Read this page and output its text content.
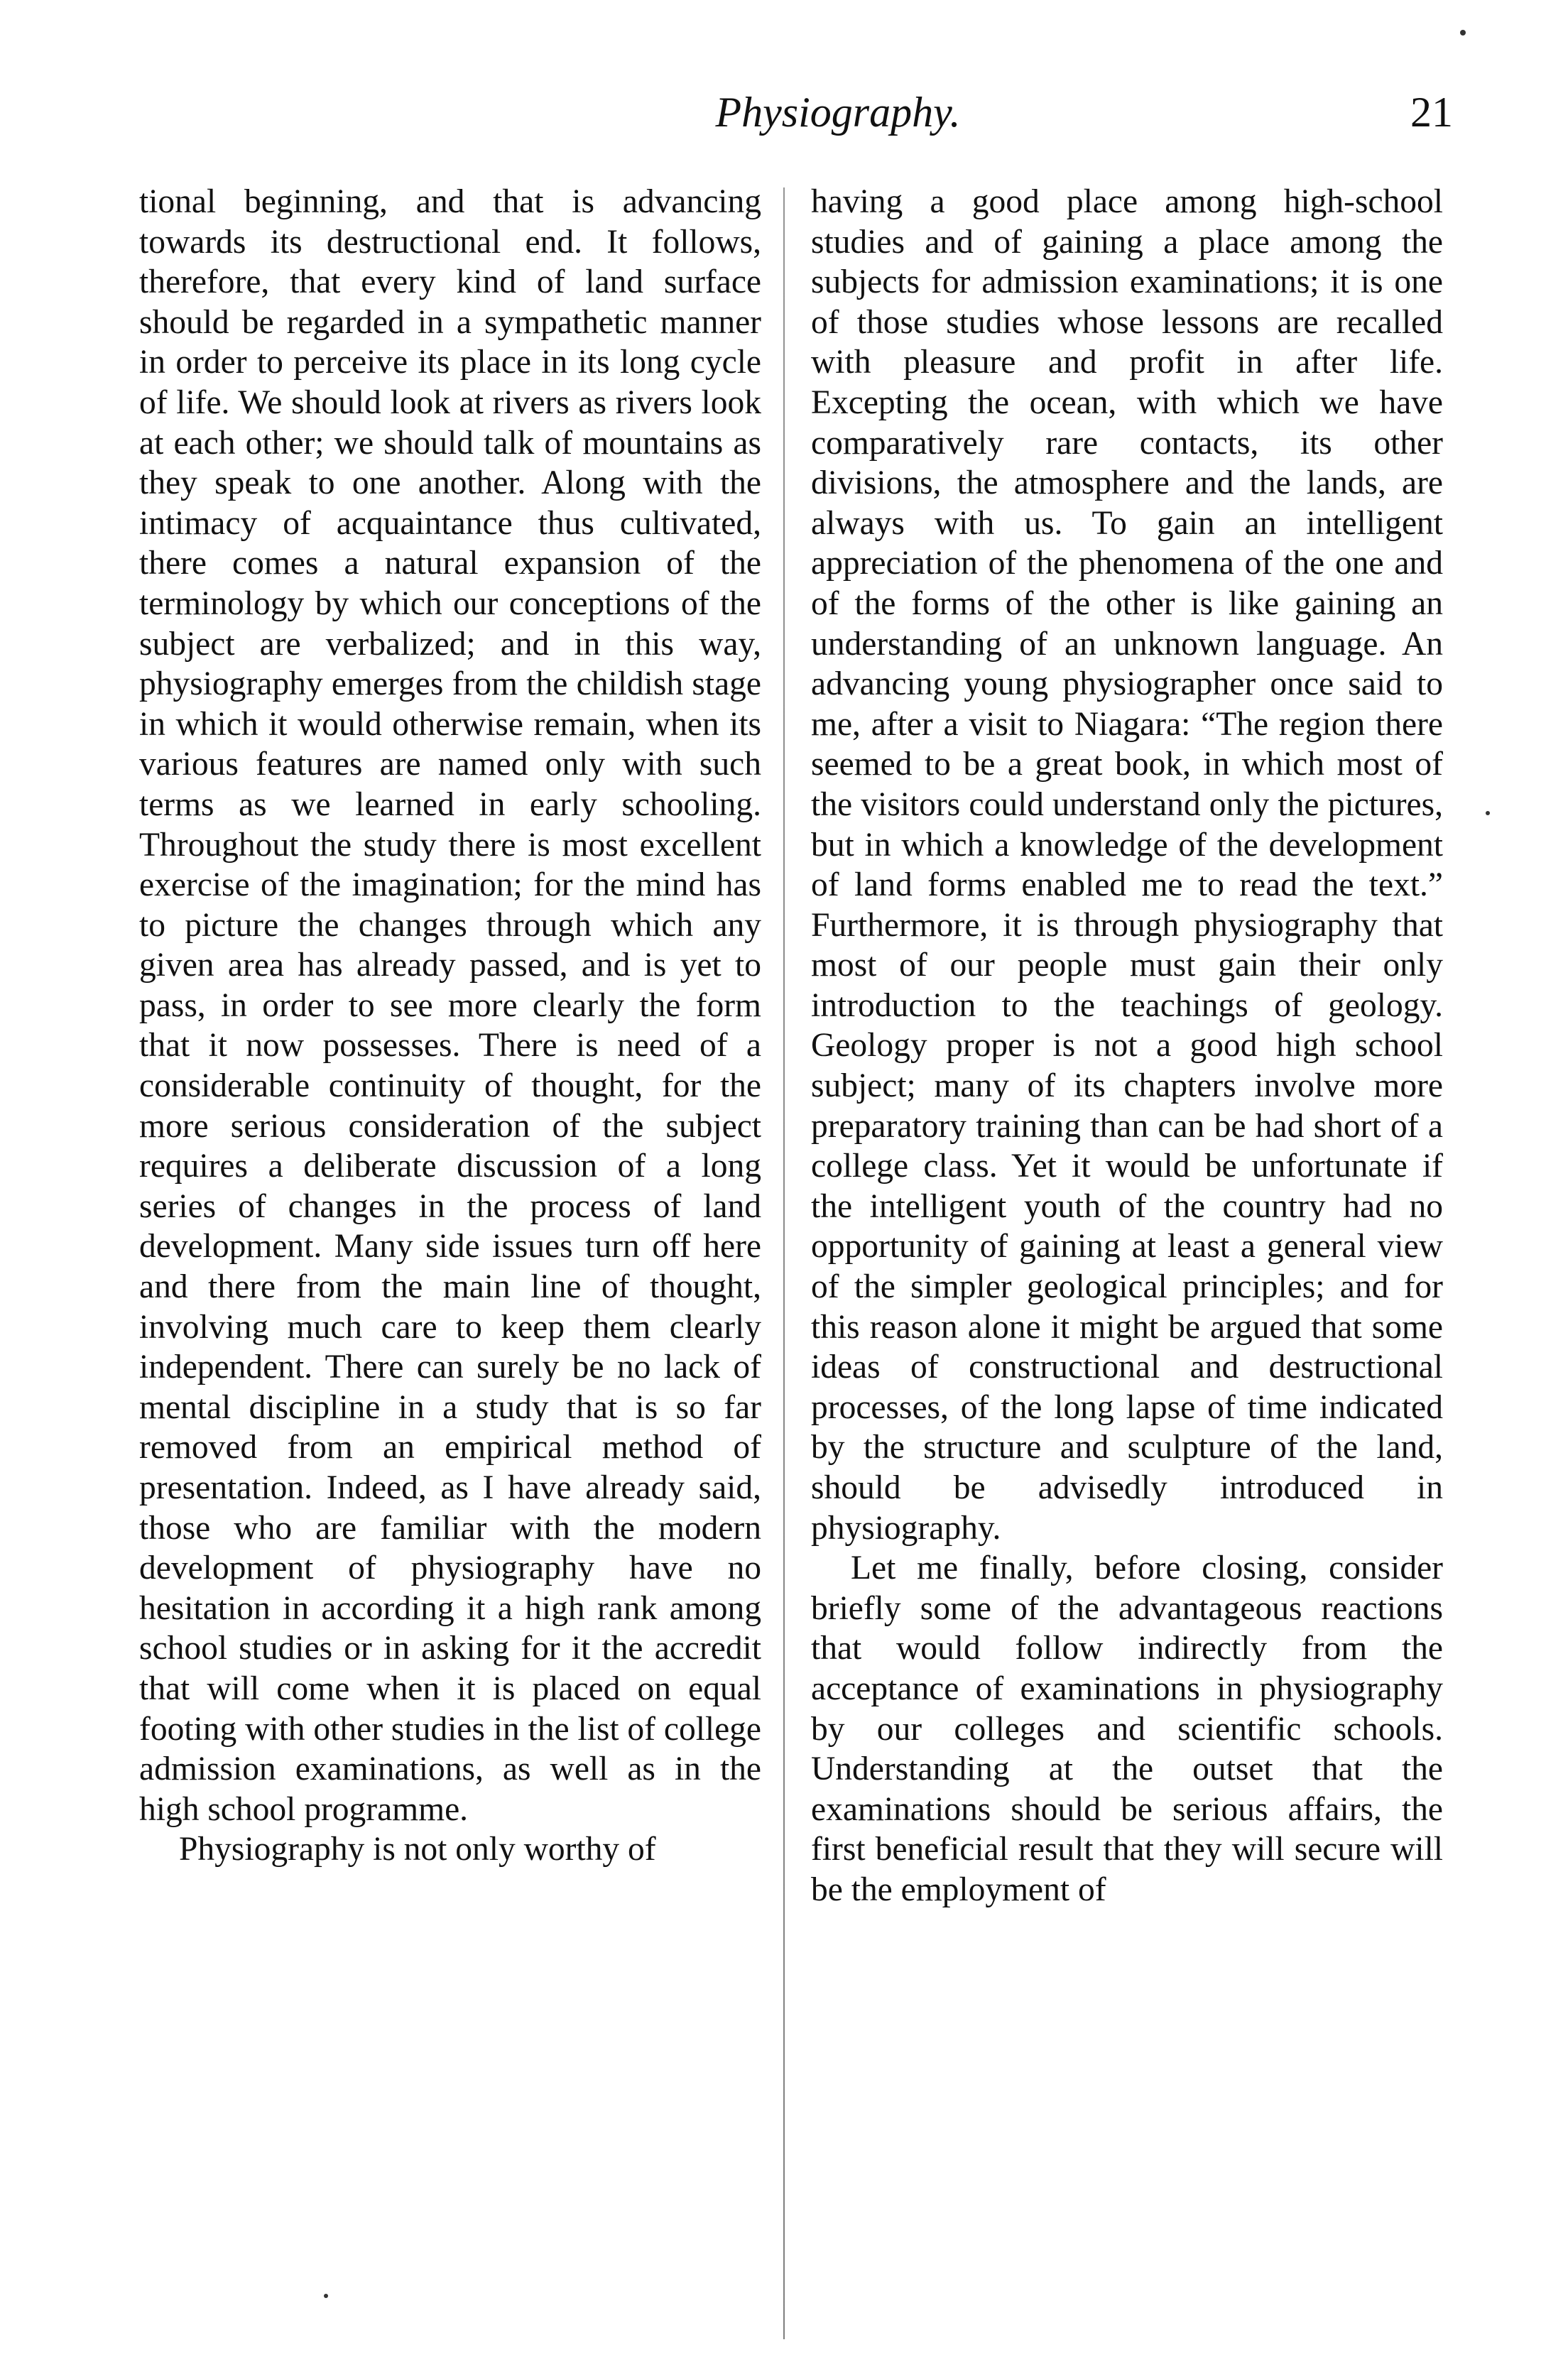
Physiography.	21

tional beginning, and that is advancing towards its destructional end. It follows, therefore, that every kind of land surface should be regarded in a sympathetic manner in order to perceive its place in its long cycle of life. We should look at rivers as rivers look at each other; we should talk of mountains as they speak to one another. Along with the intimacy of acquaintance thus cultivated, there comes a natural expansion of the terminology by which our conceptions of the subject are verbalized; and in this way, physiography emerges from the childish stage in which it would otherwise remain, when its various features are named only with such terms as we learned in early schooling. Throughout the study there is most excellent exercise of the imagination; for the mind has to picture the changes through which any given area has already passed, and is yet to pass, in order to see more clearly the form that it now possesses. There is need of a considerable continuity of thought, for the more serious consideration of the subject requires a deliberate discussion of a long series of changes in the process of land development. Many side issues turn off here and there from the main line of thought, involving much care to keep them clearly independent. There can surely be no lack of mental discipline in a study that is so far removed from an empirical method of presentation. Indeed, as I have already said, those who are familiar with the modern development of physiography have no hesitation in according it a high rank among school studies or in asking for it the accredit that will come when it is placed on equal footing with other studies in the list of college admission examinations, as well as in the high school programme.

Physiography is not only worthy of

having a good place among high-school studies and of gaining a place among the subjects for admission examinations; it is one of those studies whose lessons are recalled with pleasure and profit in after life. Excepting the ocean, with which we have comparatively rare contacts, its other divisions, the atmosphere and the lands, are always with us. To gain an intelligent appreciation of the phenomena of the one and of the forms of the other is like gaining an understanding of an unknown language. An advancing young physiographer once said to me, after a visit to Niagara: “The region there seemed to be a great book, in which most of the visitors could understand only the pictures, but in which a knowledge of the development of land forms enabled me to read the text.” Furthermore, it is through physiography that most of our people must gain their only introduction to the teachings of geology. Geology proper is not a good high school subject; many of its chapters involve more preparatory training than can be had short of a college class. Yet it would be unfortunate if the intelligent youth of the country had no opportunity of gaining at least a general view of the simpler geological principles; and for this reason alone it might be argued that some ideas of constructional and destructional processes, of the long lapse of time indicated by the structure and sculpture of the land, should be advisedly introduced in physiography.

Let me finally, before closing, consider briefly some of the advantageous reactions that would follow indirectly from the acceptance of examinations in physiography by our colleges and scientific schools. Understanding at the outset that the examinations should be serious affairs, the first beneficial result that they will secure will be the employment of
